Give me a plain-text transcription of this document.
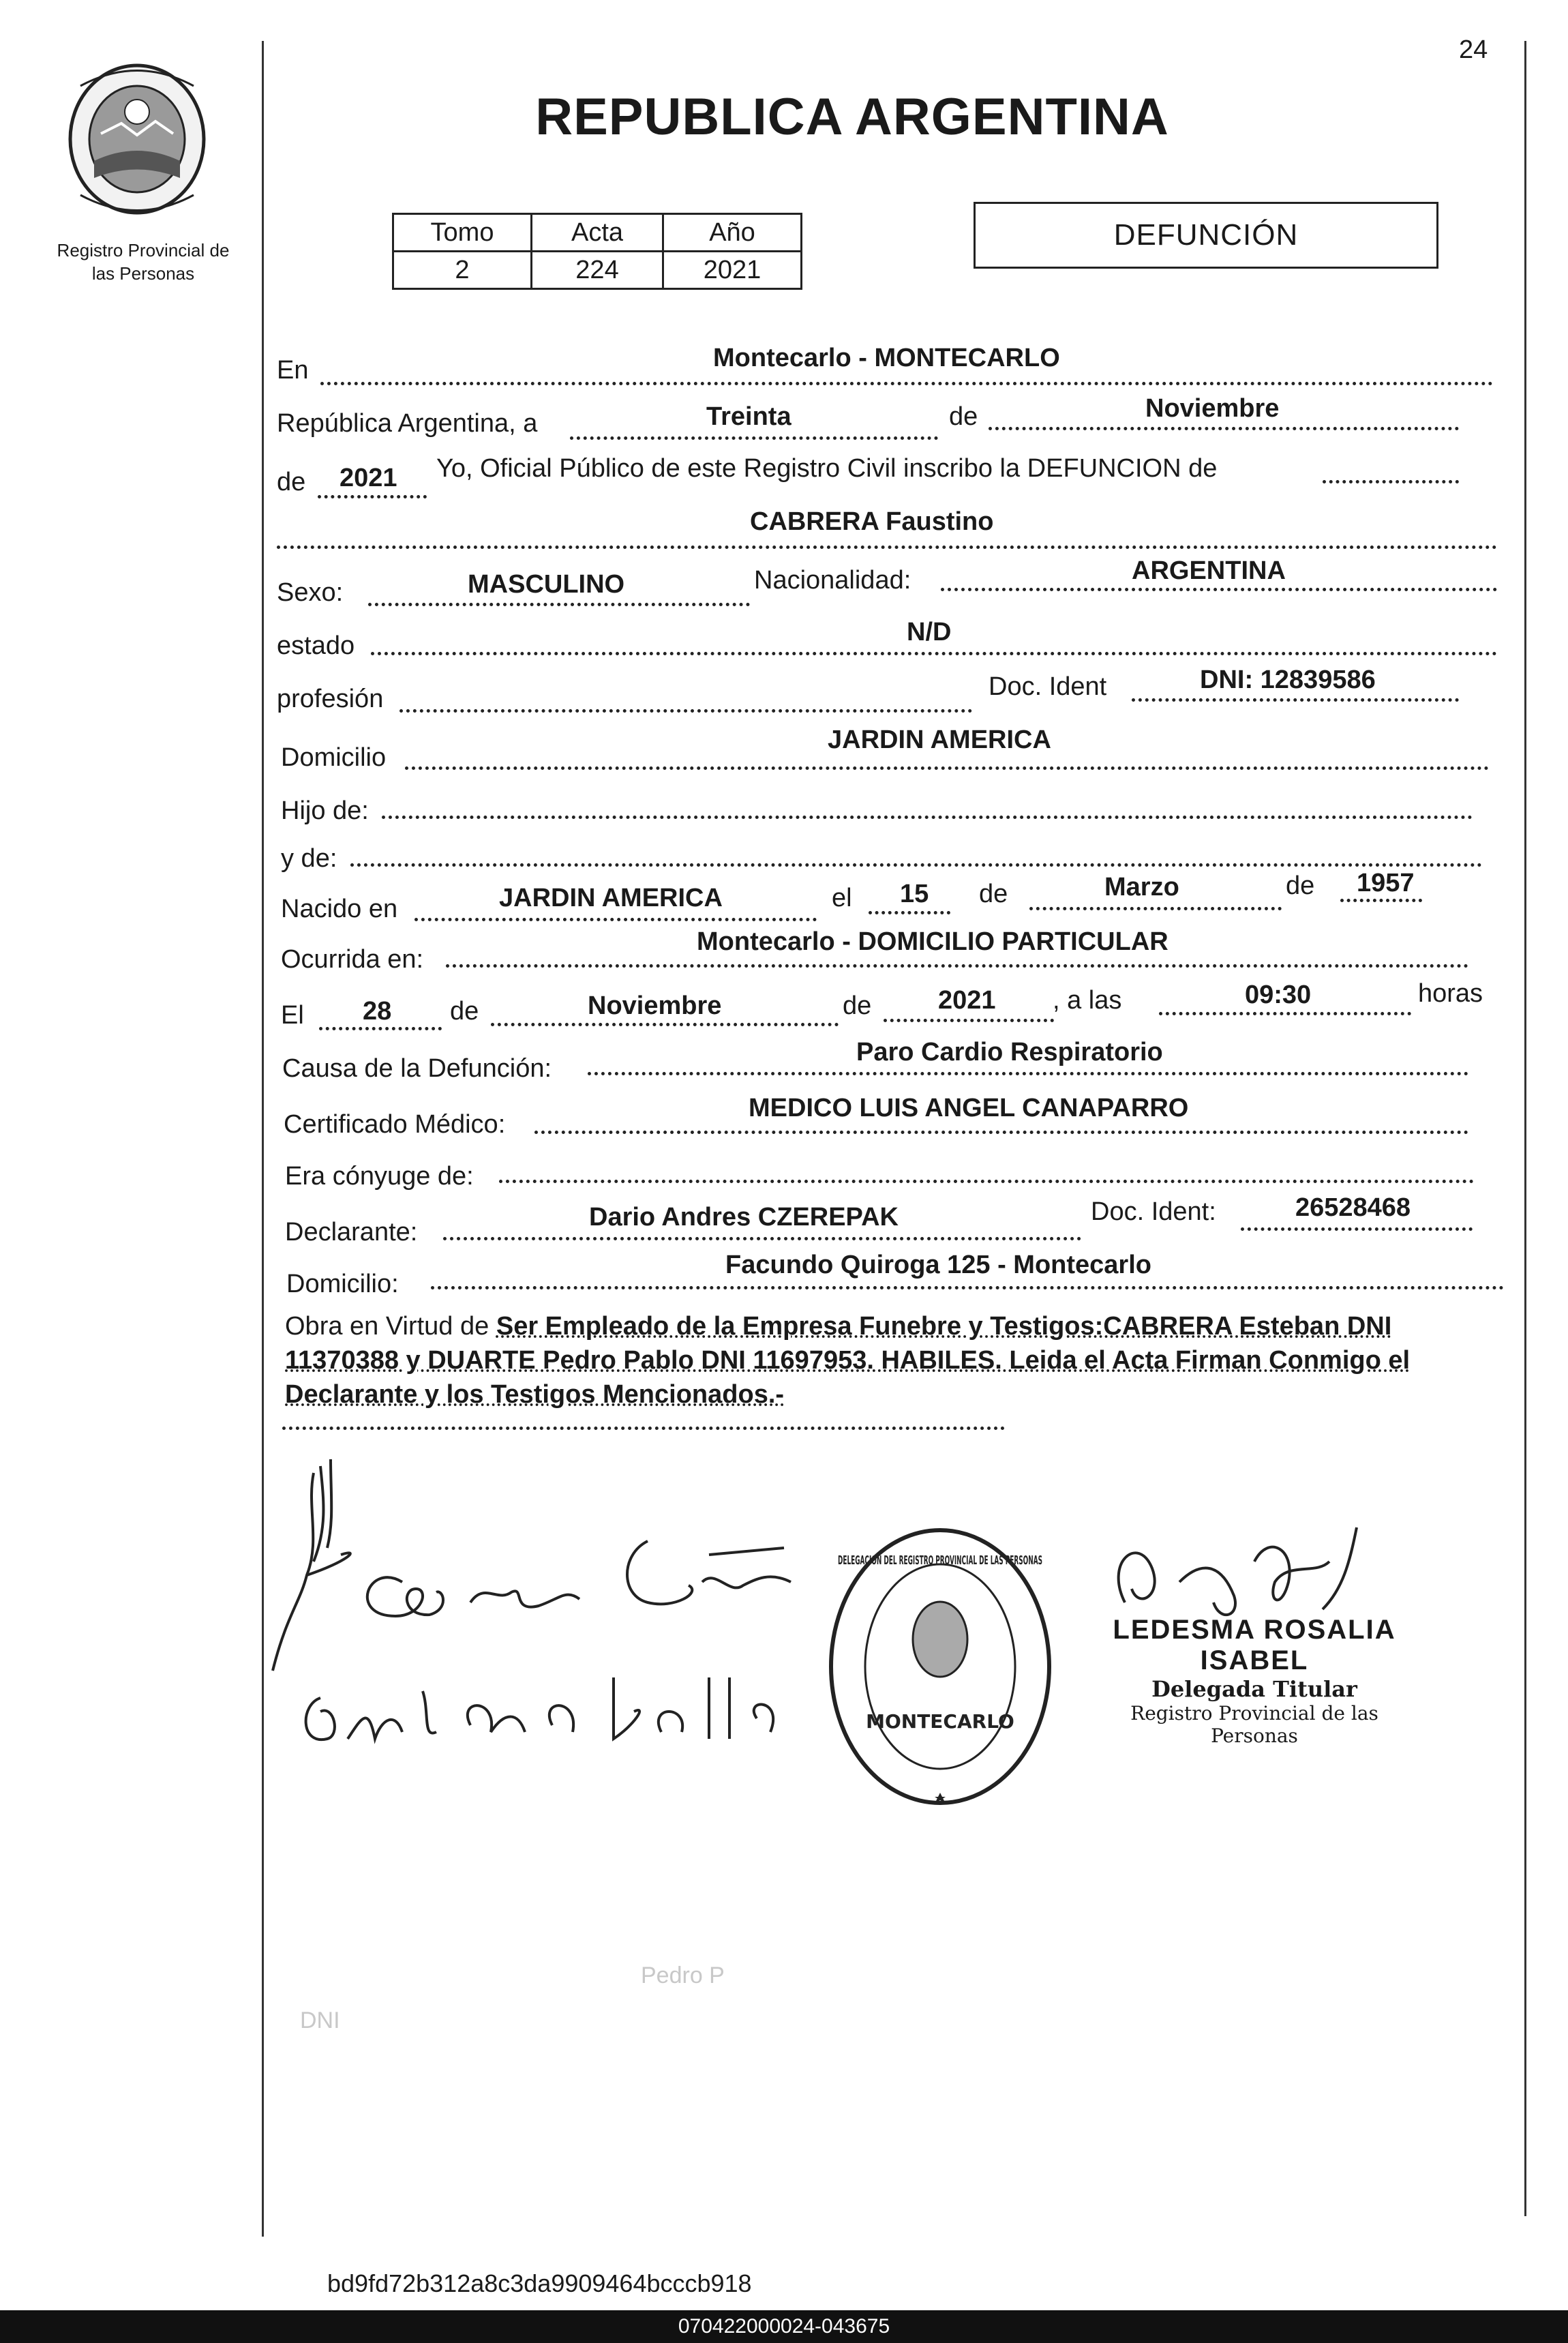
24
Registro Provincial de
las Personas
REPUBLICA ARGENTINA
Tomo	Acta	Año
2	224	2021
DEFUNCIÓN
En	Montecarlo - MONTECARLO
República Argentina, a	Treinta	de	Noviembre
de 2021 Yo, Oficial Público de este Registro Civil inscribo la DEFUNCION de
CABRERA Faustino
Sexo:	MASCULINO	Nacionalidad:	ARGENTINA
estado	N/D
profesión	Doc. Ident	DNI: 12839586
Domicilio
JARDIN AMERICA
Hijo de:
y de:
Nacido en	JARDIN AMERICA	el 15 de	Marzo	de 1957
Ocurrida en:
Montecarlo - DOMICILIO PARTICULAR
El 28 de	Noviembre	de	2021 , a las	09:30	horas
Causa de la Defunción:
Paro Cardio Respiratorio
Certificado Médico:
MEDICO LUIS ANGEL CANAPARRO
Era cónyuge de:
Declarante:
Dario Andres CZEREPAK	Doc. Ident:	26528468
Domicilio:
Facundo Quiroga 125 - Montecarlo
Obra en Virtud de Ser Empleado de la Empresa Funebre y Testigos:CABRERA Esteban DNI 11370388 y DUARTE Pedro Pablo DNI 11697953. HABILES. Leida el Acta Firman Conmigo el Declarante y los Testigos Mencionados.-
MONTECARLO
DELEGACION DEL REGISTRO PROVINCIAL DE LAS PERSONAS
LEDESMA ROSALIA ISABEL
Delegada Titular
Registro Provincial de las Personas
Pedro P
DNI
bd9fd72b312a8c3da9909464bcccb918
070422000024-043675
